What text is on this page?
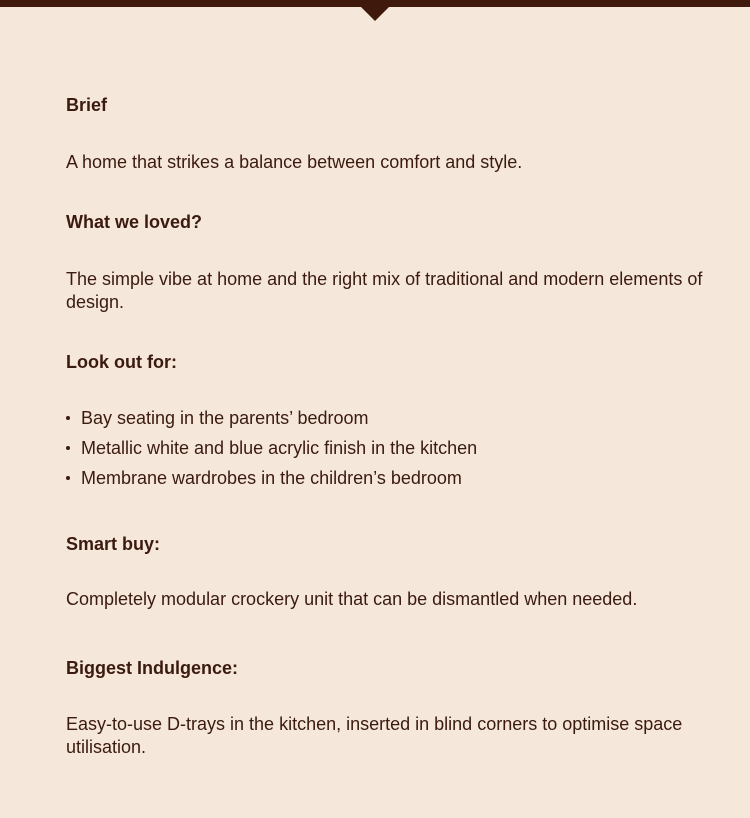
Brief
A home that strikes a balance between comfort and style.
What we loved?
The simple vibe at home and the right mix of traditional and modern elements of design.
Look out for:
Bay seating in the parents’ bedroom
Metallic white and blue acrylic finish in the kitchen
Membrane wardrobes in the children’s bedroom
Smart buy:
Completely modular crockery unit that can be dismantled when needed.
Biggest Indulgence:
Easy-to-use D-trays in the kitchen, inserted in blind corners to optimise space utilisation.
